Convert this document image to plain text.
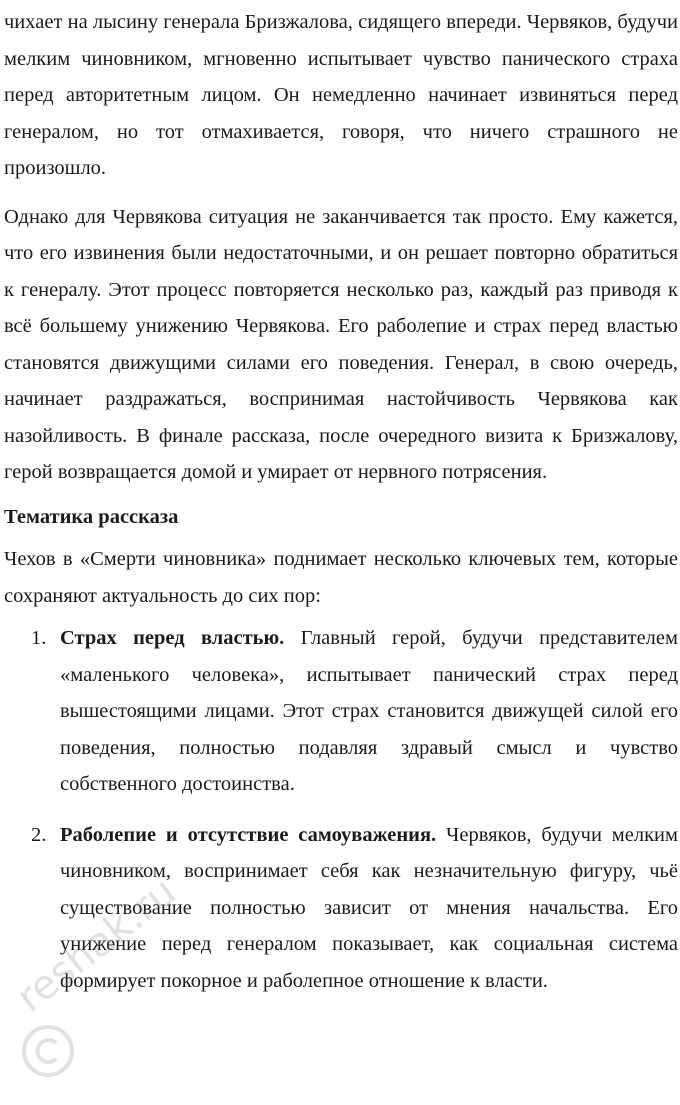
чихает на лысину генерала Бризжалова, сидящего впереди. Червяков, будучи мелким чиновником, мгновенно испытывает чувство панического страха перед авторитетным лицом. Он немедленно начинает извиняться перед генералом, но тот отмахивается, говоря, что ничего страшного не произошло.

Однако для Червякова ситуация не заканчивается так просто. Ему кажется, что его извинения были недостаточными, и он решает повторно обратиться к генералу. Этот процесс повторяется несколько раз, каждый раз приводя к всё большему унижению Червякова. Его раболепие и страх перед властью становятся движущими силами его поведения. Генерал, в свою очередь, начинает раздражаться, воспринимая настойчивость Червякова как назойливость. В финале рассказа, после очередного визита к Бризжалову, герой возвращается домой и умирает от нервного потрясения.

Тематика рассказа

Чехов в «Смерти чиновника» поднимает несколько ключевых тем, которые сохраняют актуальность до сих пор:

1. Страх перед властью. Главный герой, будучи представителем «маленького человека», испытывает панический страх перед вышестоящими лицами. Этот страх становится движущей силой его поведения, полностью подавляя здравый смысл и чувство собственного достоинства.

2. Раболепие и отсутствие самоуважения. Червяков, будучи мелким чиновником, воспринимает себя как незначительную фигуру, чьё существование полностью зависит от мнения начальства. Его унижение перед генералом показывает, как социальная система формирует покорное и раболепное отношение к власти.

reshak.ru
